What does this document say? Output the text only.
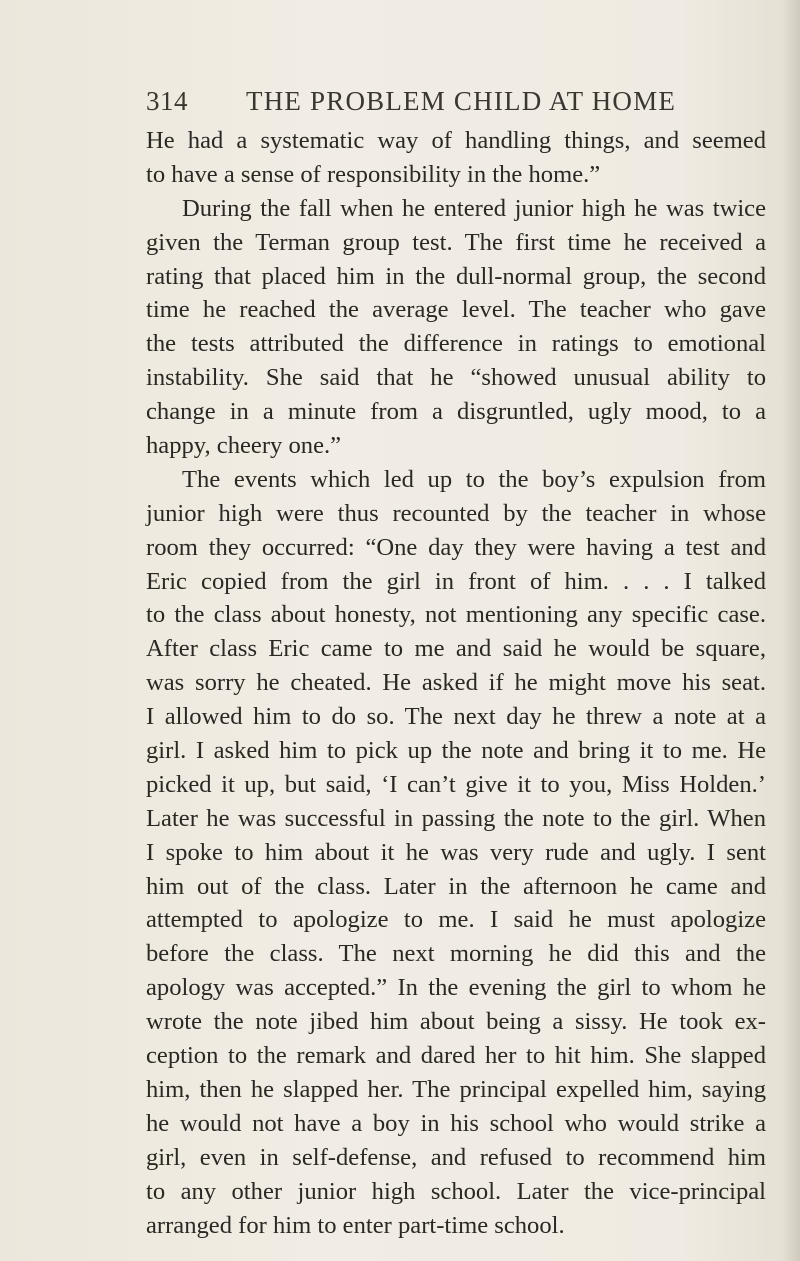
314 THE PROBLEM CHILD AT HOME
He had a systematic way of handling things, and seemed
to have a sense of responsibility in the home.”
During the fall when he entered junior high he was twice
given the Terman group test. The first time he received a
rating that placed him in the dull-normal group, the second
time he reached the average level. The teacher who gave
the tests attributed the difference in ratings to emotional
instability. She said that he “showed unusual ability to
change in a minute from a disgruntled, ugly mood, to a
happy, cheery one.”
The events which led up to the boy’s expulsion from
junior high were thus recounted by the teacher in whose
room they occurred: “One day they were having a test and
Eric copied from the girl in front of him. . . . I talked
to the class about honesty, not mentioning any specific case.
After class Eric came to me and said he would be square,
was sorry he cheated. He asked if he might move his seat.
I allowed him to do so. The next day he threw a note at a
girl. I asked him to pick up the note and bring it to me. He
picked it up, but said, ‘I can’t give it to you, Miss Holden.’
Later he was successful in passing the note to the girl. When
I spoke to him about it he was very rude and ugly. I sent
him out of the class. Later in the afternoon he came and
attempted to apologize to me. I said he must apologize
before the class. The next morning he did this and the
apology was accepted.” In the evening the girl to whom he
wrote the note jibed him about being a sissy. He took ex-
ception to the remark and dared her to hit him. She slapped
him, then he slapped her. The principal expelled him, saying
he would not have a boy in his school who would strike a
girl, even in self-defense, and refused to recommend him
to any other junior high school. Later the vice-principal
arranged for him to enter part-time school.
